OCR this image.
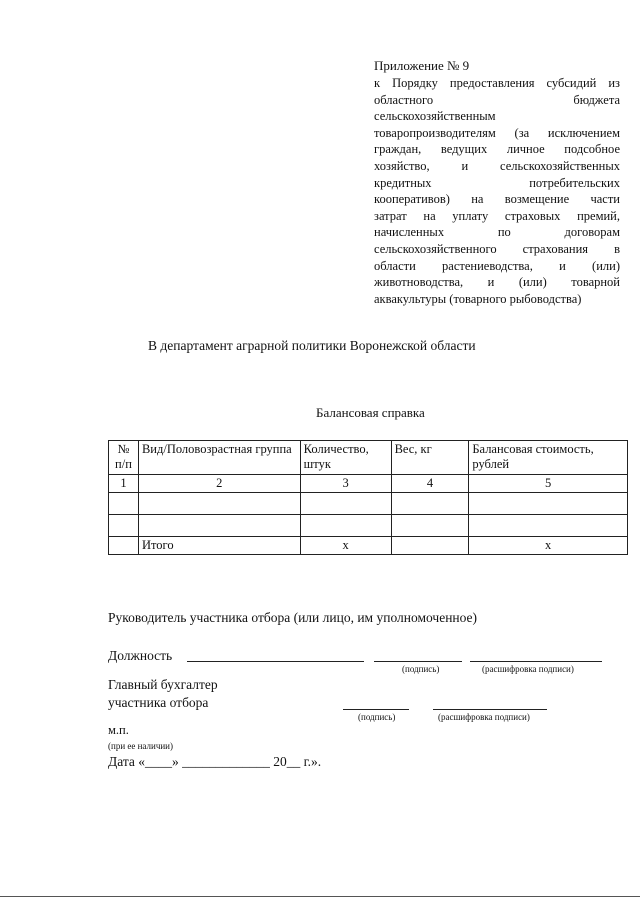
Приложение № 9
к Порядку предоставления субсидий из
областного бюджета
сельскохозяйственным
товаропроизводителям (за исключением
граждан, ведущих личное подсобное
хозяйство, и сельскохозяйственных
кредитных потребительских
кооперативов) на возмещение части
затрат на уплату страховых премий,
начисленных по договорам
сельскохозяйственного страхования в
области растениеводства, и (или)
животноводства, и (или) товарной
аквакультуры (товарного рыбоводства)
В департамент аграрной политики Воронежской области
Балансовая справка
№ п/п	Вид/Половозрастная группа	Количество, штук	Вес, кг	Балансовая стоимость, рублей
1	2	3	4	5

	Итого	х		х
Руководитель участника отбора (или лицо, им уполномоченное)
Должность
(подпись)	(расшифровка подписи)
Главный бухгалтер
участника отбора
(подпись)	(расшифровка подписи)
м.п.
(при ее наличии)
Дата «____» _____________ 20__ г.».
